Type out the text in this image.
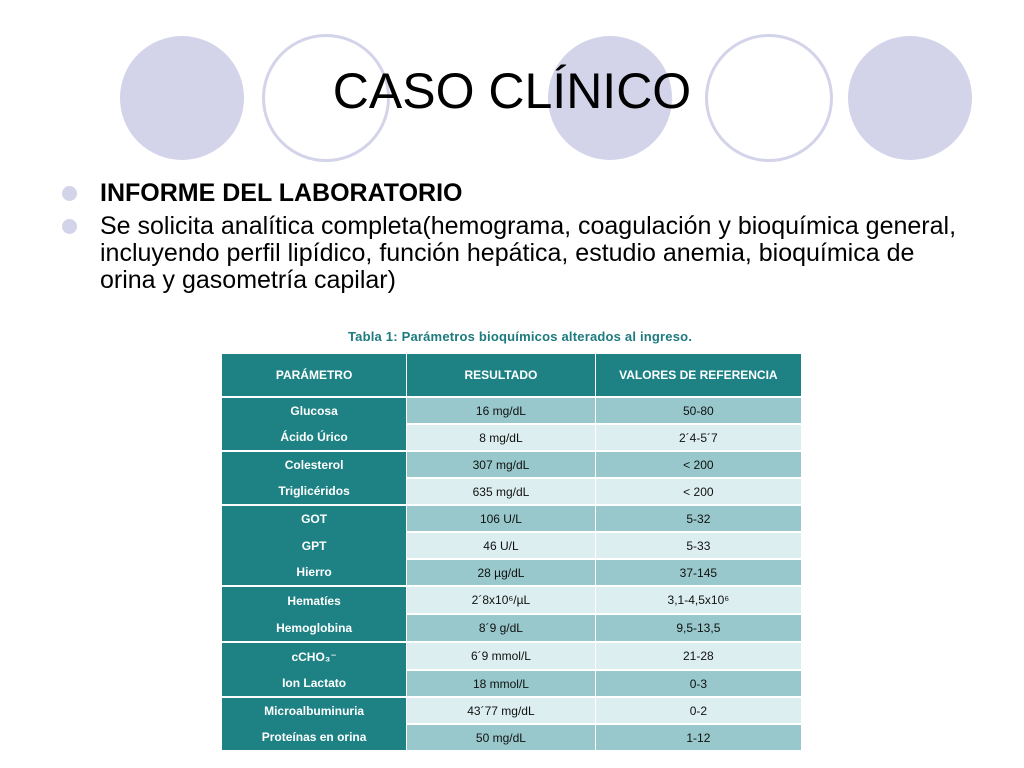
CASO CLÍNICO
INFORME DEL LABORATORIO
Se solicita analítica completa(hemograma, coagulación y bioquímica general, incluyendo perfil lipídico, función hepática, estudio anemia, bioquímica de orina y gasometría capilar)
Tabla 1: Parámetros bioquímicos alterados al ingreso.
PARÁMETRO	RESULTADO	VALORES DE REFERENCIA
Glucosa	16 mg/dL	50-80
Ácido Úrico	8 mg/dL	2´4-5´7
Colesterol	307 mg/dL	< 200
Triglicéridos	635 mg/dL	< 200
GOT	106 U/L	5-32
GPT	46 U/L	5-33
Hierro	28 µg/dL	37-145
Hematíes	2´8x10⁶/µL	3,1-4,5x10⁶
Hemoglobina	8´9 g/dL	9,5-13,5
cCHO₃⁻	6´9 mmol/L	21-28
Ion Lactato	18 mmol/L	0-3
Microalbuminuria	43´77 mg/dL	0-2
Proteínas en orina	50 mg/dL	1-12
